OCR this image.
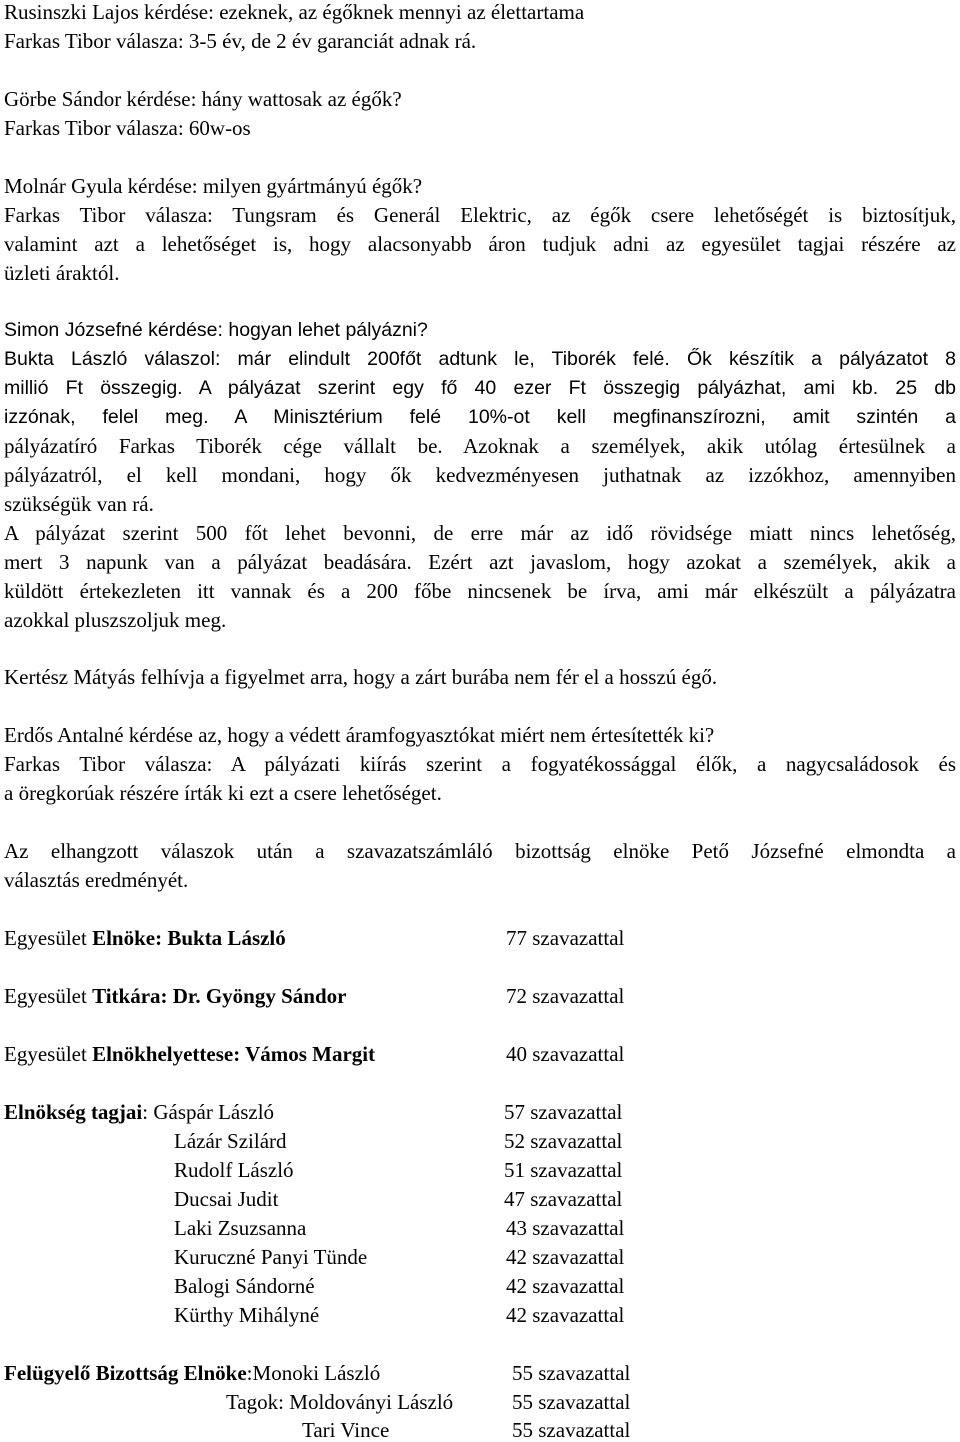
Rusinszki Lajos kérdése: ezeknek, az égőknek mennyi az élettartama
Farkas Tibor válasza: 3-5 év, de 2 év garanciát adnak rá.
Görbe Sándor kérdése: hány wattosak az égők?
Farkas Tibor válasza: 60w-os
Molnár Gyula kérdése: milyen gyártmányú égők?
Farkas Tibor válasza: Tungsram és Generál Elektric, az égők csere lehetőségét is biztosítjuk,
valamint azt a lehetőséget is, hogy alacsonyabb áron tudjuk adni az egyesület tagjai részére az
üzleti áraktól.
Simon Józsefné kérdése: hogyan lehet pályázni?
Bukta László válaszol: már elindult 200főt adtunk le, Tiborék felé. Ők készítik a pályázatot 8
millió Ft összegig. A pályázat szerint egy fő 40 ezer Ft összegig pályázhat, ami kb. 25 db
izzónak, felel meg. A Minisztérium felé 10%-ot kell megfinanszírozni, amit szintén a
pályázatíró Farkas Tiborék cége vállalt be. Azoknak a személyek, akik utólag értesülnek a
pályázatról, el kell mondani, hogy ők kedvezményesen juthatnak az izzókhoz, amennyiben
szükségük van rá.
A pályázat szerint 500 főt lehet bevonni, de erre már az idő rövidsége miatt nincs lehetőség,
mert 3 napunk van a pályázat beadására. Ezért azt javaslom, hogy azokat a személyek, akik a
küldött értekezleten itt vannak és a 200 főbe nincsenek be írva, ami már elkészült a pályázatra
azokkal pluszszoljuk meg.
Kertész Mátyás felhívja a figyelmet arra, hogy a zárt burába nem fér el a hosszú égő.
Erdős Antalné kérdése az, hogy a védett áramfogyasztókat miért nem értesítették ki?
Farkas Tibor válasza: A pályázati kiírás szerint a fogyatékossággal élők, a nagycsaládosok és
a öregkorúak részére írták ki ezt a csere lehetőséget.
Az elhangzott válaszok után a szavazatszámláló bizottság elnöke Pető Józsefné elmondta a
választás eredményét.
Egyesület Elnöke: Bukta László	77 szavazattal
Egyesület Titkára: Dr. Gyöngy Sándor	72 szavazattal
Egyesület Elnökhelyettese: Vámos Margit	40 szavazattal
Elnökség tagjai: Gáspár László	57 szavazattal
Lázár Szilárd	52 szavazattal
Rudolf László	51 szavazattal
Ducsai Judit	47 szavazattal
Laki Zsuzsanna	43 szavazattal
Kuruczné Panyi Tünde	42 szavazattal
Balogi Sándorné	42 szavazattal
Kürthy Mihályné	42 szavazattal
Felügyelő Bizottság Elnöke:Monoki László	55 szavazattal
Tagok: Moldoványi László	55 szavazattal
Tari Vince	55 szavazattal
